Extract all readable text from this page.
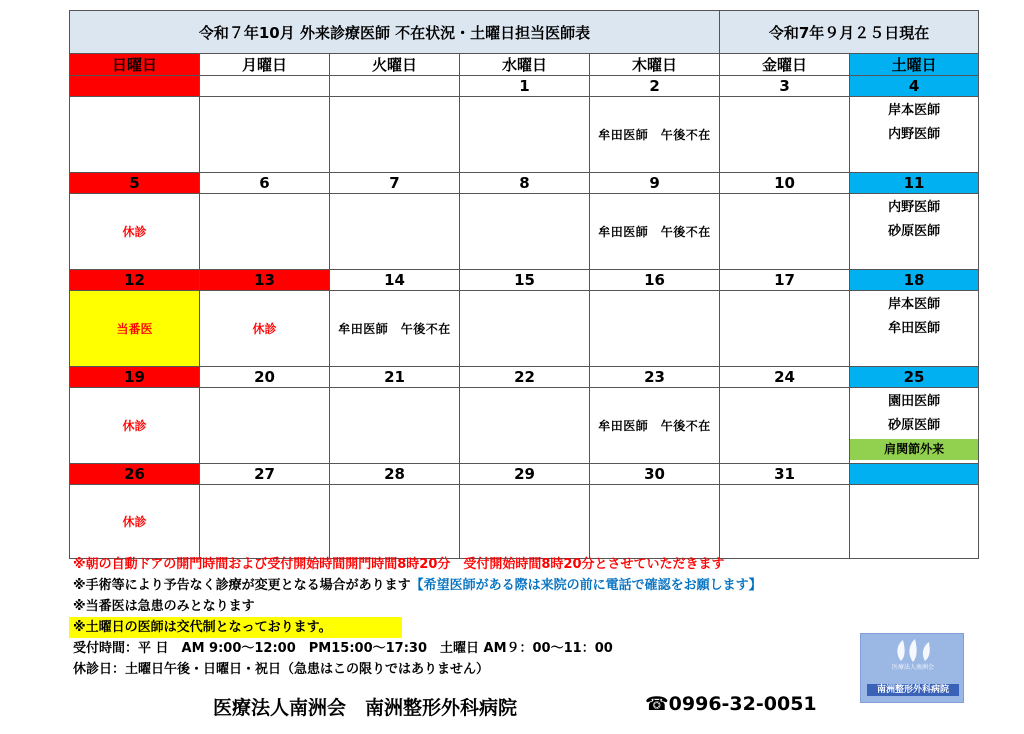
令和７年10月 外来診療医師 不在状況・土曜日担当医師表					令和7年９月２５日現在	
日曜日	月曜日	火曜日	水曜日	木曜日	金曜日	土曜日
			1	2	3	4
				牟田医師　午後不在		岸本医師
内野医師

5	6	7	8	9	10	11
休診				牟田医師　午後不在		内野医師
砂原医師

12	13	14	15	16	17	18
当番医	休診	牟田医師　午後不在				岸本医師
牟田医師

19	20	21	22	23	24	25
休診				牟田医師　午後不在		園田医師
砂原医師
肩関節外来

26	27	28	29	30	31	
休診						
※朝の自動ドアの開門時間および受付開始時間開門時間8時20分　受付開始時間8時20分とさせていただきます
※手術等により予告なく診療が変更となる場合があります【希望医師がある際は来院の前に電話で確認をお願します】
※当番医は急患のみとなります
※土曜日の医師は交代制となっております。
受付時間：平 日　AM 9:00～12:00　PM15:00～17:30　土曜日 AM９：00～11：00
休診日：土曜日午後・日曜日・祝日（急患はこの限りではありません）
医療法人南洲会　南洲整形外科病院	☎0996-32-0051
医療法人南洲会
南洲整形外科病院
